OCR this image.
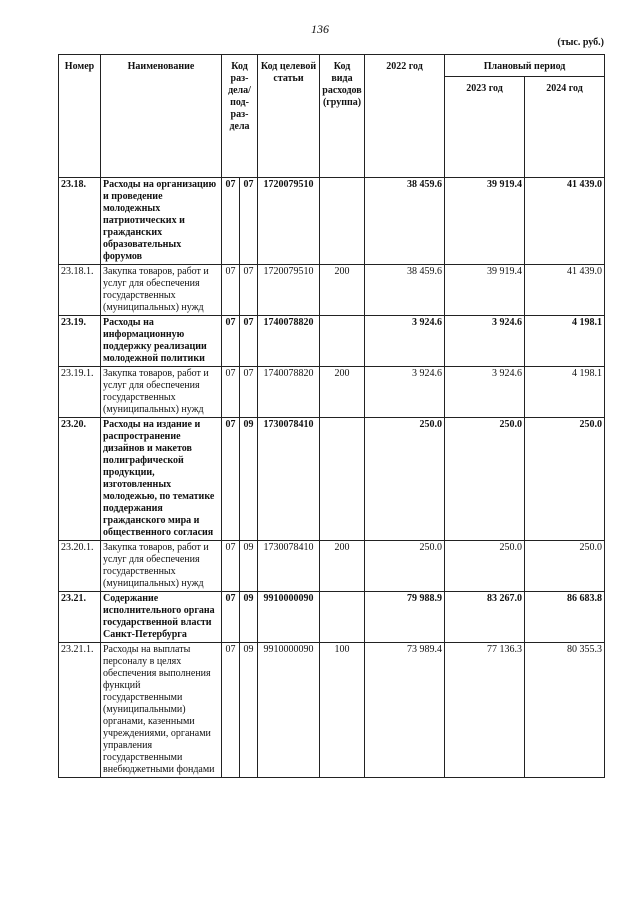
136
(тыс. руб.)
Номер	Наименование	Код раз- дела/ под- раз- дела		Код целевой статьи	Код вида расходов (группа)	2022 год	Плановый период	
							2023 год	2024 год
23.18.	Расходы на организацию и проведение молодежных патриотических и гражданских образовательных форумов	07	07	1720079510		38 459.6	39 919.4	41 439.0
23.18.1.	Закупка товаров, работ и услуг для обеспечения государственных (муниципальных) нужд	07	07	1720079510	200	38 459.6	39 919.4	41 439.0
23.19.	Расходы на информационную поддержку реализации молодежной политики	07	07	1740078820		3 924.6	3 924.6	4 198.1
23.19.1.	Закупка товаров, работ и услуг для обеспечения государственных (муниципальных) нужд	07	07	1740078820	200	3 924.6	3 924.6	4 198.1
23.20.	Расходы на издание и распространение дизайнов и макетов полиграфической продукции, изготовленных молодежью, по тематике поддержания гражданского мира и общественного согласия	07	09	1730078410		250.0	250.0	250.0
23.20.1.	Закупка товаров, работ и услуг для обеспечения государственных (муниципальных) нужд	07	09	1730078410	200	250.0	250.0	250.0
23.21.	Содержание исполнительного органа государственной власти Санкт-Петербурга	07	09	9910000090		79 988.9	83 267.0	86 683.8
23.21.1.	Расходы на выплаты персоналу в целях обеспечения выполнения функций государственными (муниципальными) органами, казенными учреждениями, органами управления государственными внебюджетными фондами	07	09	9910000090	100	73 989.4	77 136.3	80 355.3
